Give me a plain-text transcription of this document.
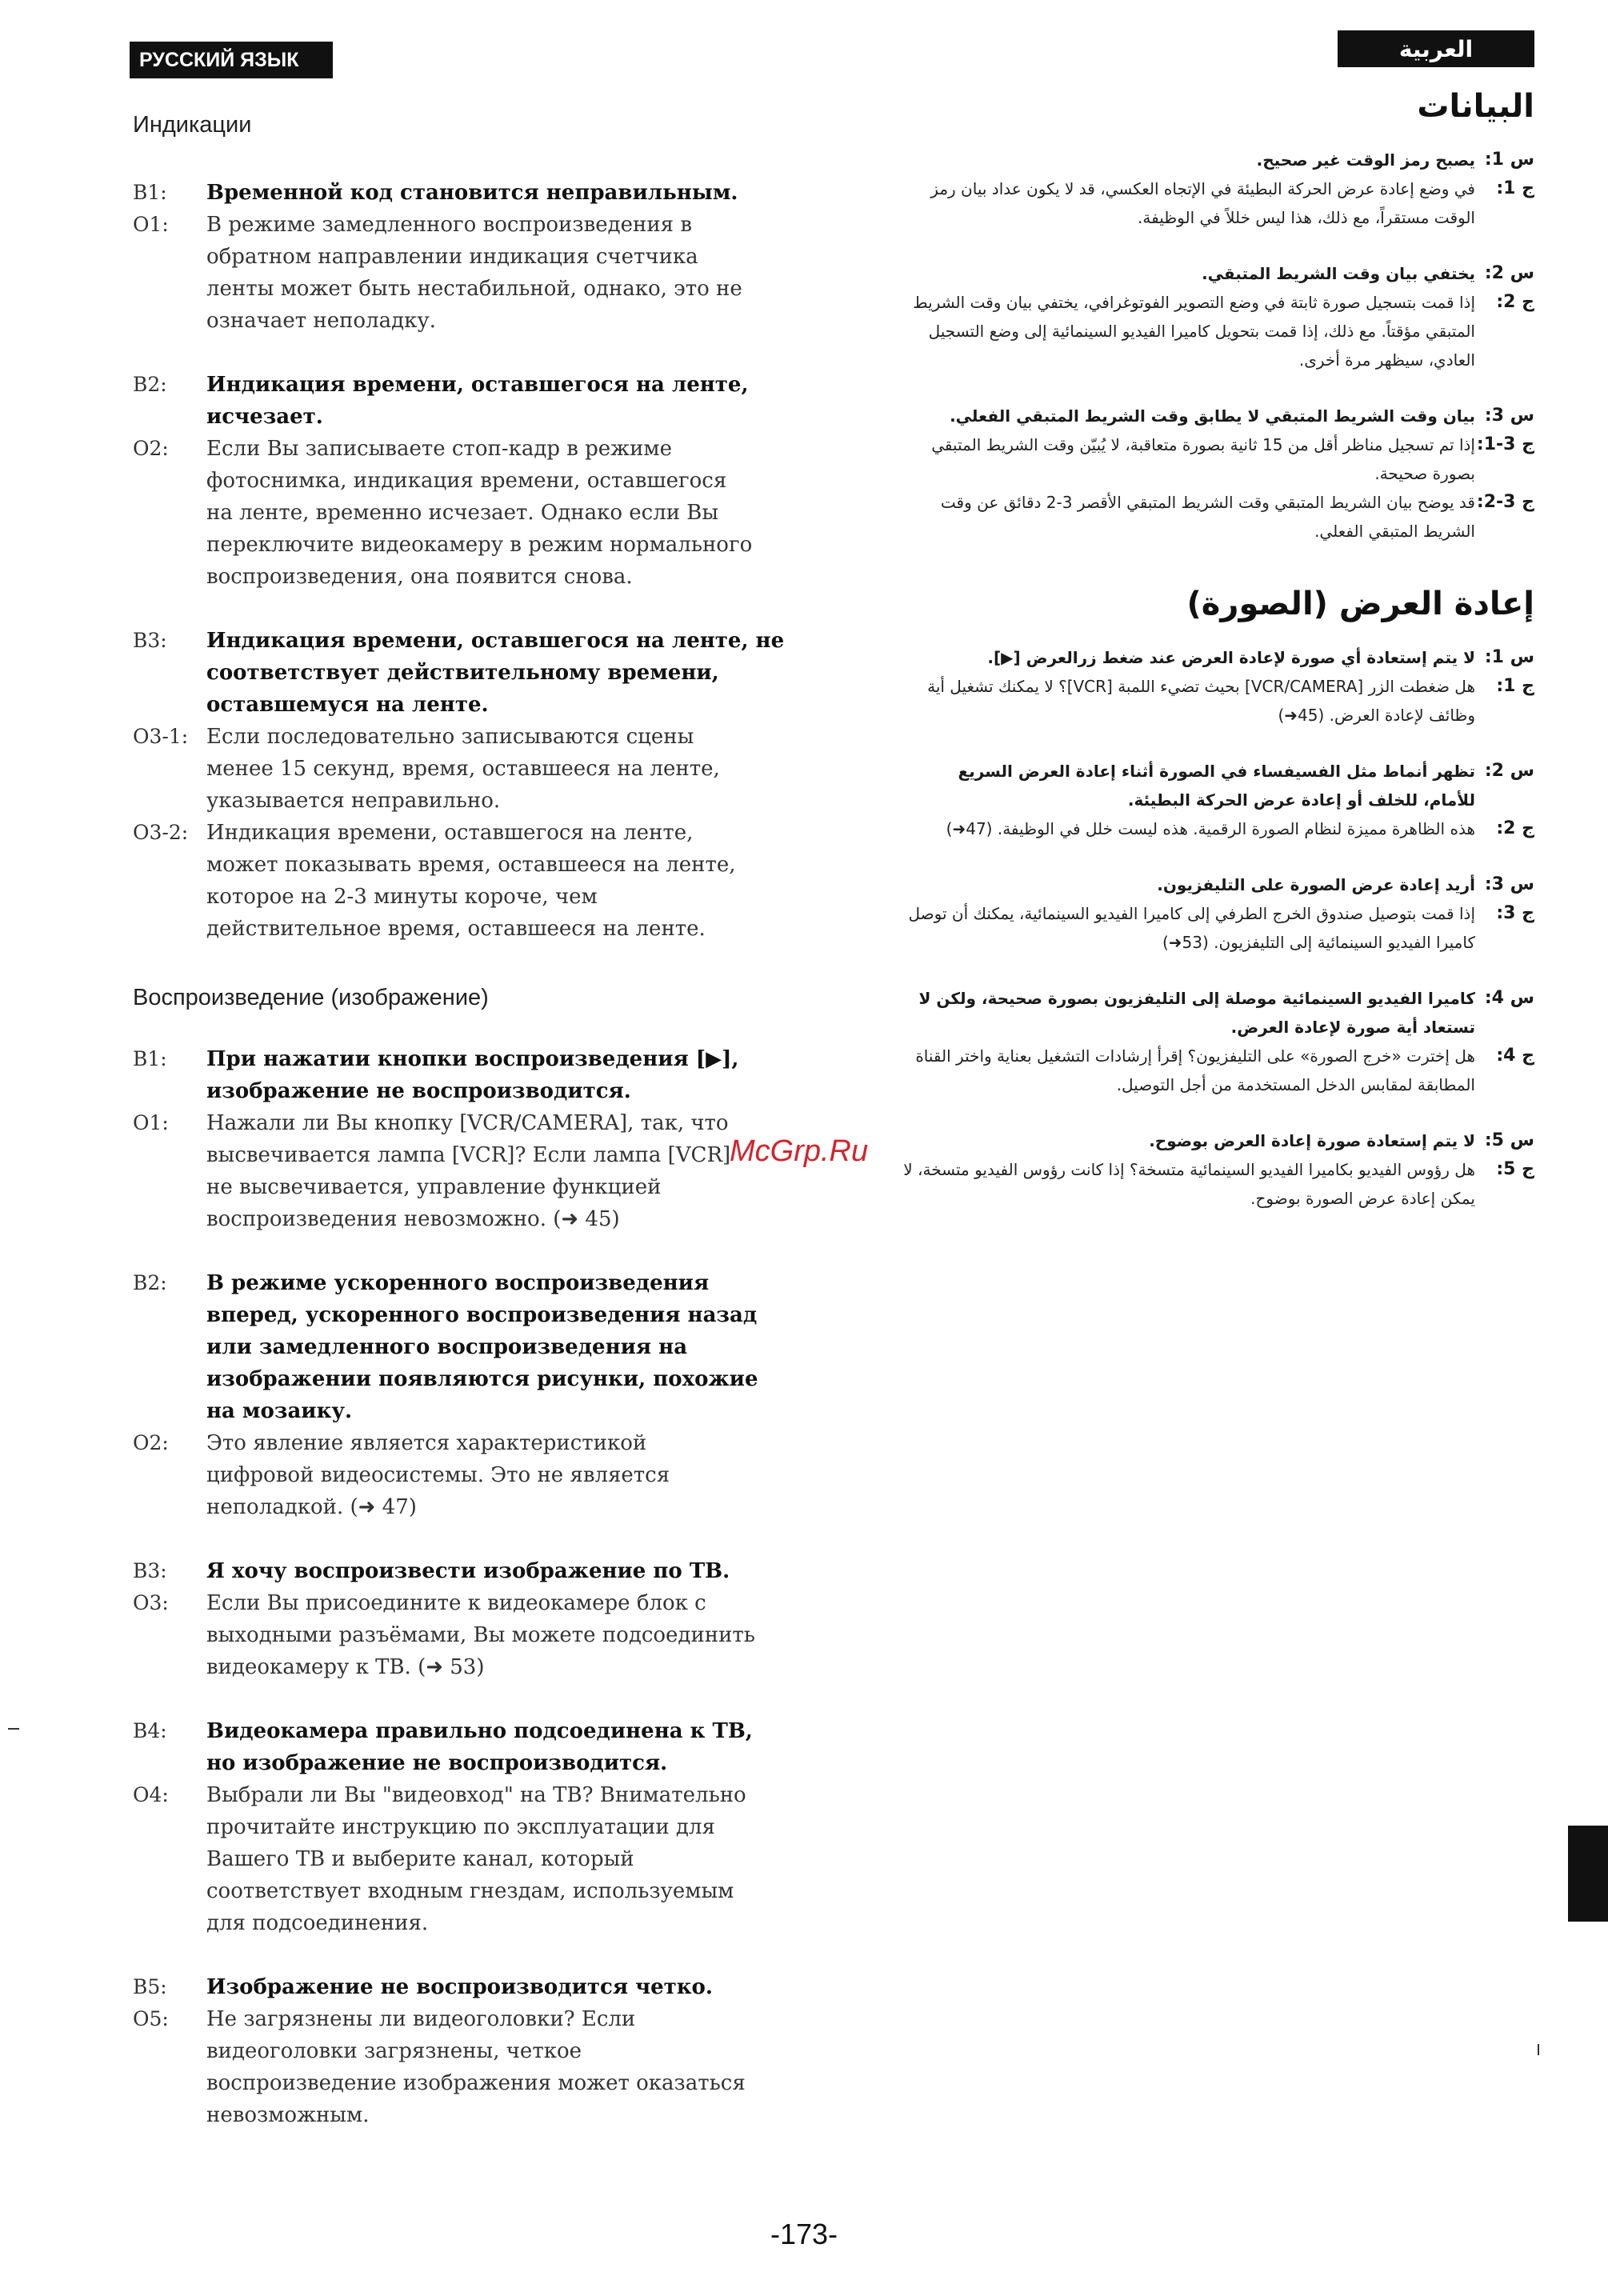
РУССКИЙ ЯЗЫК	العربية
Индикации
B1:	Временной код становится неправильным.
O1:	В режиме замедленного воспроизведения в обратном направлении индикация счетчика ленты может быть нестабильной, однако, это не означает неполадку.
B2:	Индикация времени, оставшегося на ленте, исчезает.
O2:	Если Вы записываете стоп-кадр в режиме фотоснимка, индикация времени, оставшегося на ленте, временно исчезает. Однако если Вы переключите видеокамеру в режим нормального воспроизведения, она появится снова.
B3:	Индикация времени, оставшегося на ленте, не соответствует действительному времени, оставшемуся на ленте.
O3-1: Если последовательно записываются сцены менее 15 секунд, время, оставшееся на ленте, указывается неправильно.
O3-2: Индикация времени, оставшегося на ленте, может показывать время, оставшееся на ленте, которое на 2-3 минуты короче, чем действительное время, оставшееся на ленте.
Воспроизведение (изображение)
B1:	При нажатии кнопки воспроизведения [▶], изображение не воспроизводится.
O1:	Нажали ли Вы кнопку [VCR/CAMERA], так, что высвечивается лампа [VCR]? Если лампа [VCR] не высвечивается, управление функцией воспроизведения невозможно. (➜ 45)
B2:	В режиме ускоренного воспроизведения вперед, ускоренного воспроизведения назад или замедленного воспроизведения на изображении появляются рисунки, похожие на мозаику.
O2:	Это явление является характеристикой цифровой видеосистемы. Это не является неполадкой. (➜ 47)
B3:	Я хочу воспроизвести изображение по ТВ.
O3:	Если Вы присоедините к видеокамере блок с выходными разъёмами, Вы можете подсоединить видеокамеру к ТВ. (➜ 53)
B4:	Видеокамера правильно подсоединена к ТВ, но изображение не воспроизводится.
O4:	Выбрали ли Вы "видеовход" на ТВ? Внимательно прочитайте инструкцию по эксплуатации для Вашего ТВ и выберите канал, который соответствует входным гнездам, используемым для подсоединения.
B5:	Изображение не воспроизводится четко.
O5:	Не загрязнены ли видеоголовки? Если видеоголовки загрязнены, четкое воспроизведение изображения может оказаться невозможным.
البيانات
س 1:
يصبح رمز الوقت غير صحيح.
ج 1:
في وضع إعادة عرض الحركة البطيئة في الإتجاه العكسي، قد لا يكون عداد بيان رمز الوقت مستقراً، مع ذلك، هذا ليس خللاً في الوظيفة.
س 2:
يختفي بيان وقت الشريط المتبقي.
ج 2:
إذا قمت بتسجيل صورة ثابتة في وضع التصوير الفوتوغرافي، يختفي بيان وقت الشريط المتبقي مؤقتاً. مع ذلك، إذا قمت بتحويل كاميرا الفيديو السينمائية إلى وضع التسجيل العادي، سيظهر مرة أخرى.
س 3:
بيان وقت الشريط المتبقي لا يطابق وقت الشريط المتبقي الفعلي.
ج 3-1:
إذا تم تسجيل مناظر أقل من 15 ثانية بصورة متعاقبة، لا يُبيّن وقت الشريط المتبقي بصورة صحيحة.
ج 3-2:
قد يوضح بيان الشريط المتبقي وقت الشريط المتبقي الأقصر 3-2 دقائق عن وقت الشريط المتبقي الفعلي.
إعادة العرض (الصورة)
س 1:
لا يتم إستعادة أي صورة لإعادة العرض عند ضغط زرالعرض [▶].
ج 1:
هل ضغطت الزر [VCR/CAMERA] بحيث تضيء اللمبة [VCR]؟ لا يمكنك تشغيل أية وظائف لإعادة العرض. (45➜)
س 2:
تظهر أنماط مثل الفسيفساء في الصورة أثناء إعادة العرض السريع للأمام، للخلف أو إعادة عرض الحركة البطيئة.
ج 2:
هذه الظاهرة مميزة لنظام الصورة الرقمية. هذه ليست خلل في الوظيفة. (47➜)
س 3:
أريد إعادة عرض الصورة على التليفزيون.
ج 3:
إذا قمت بتوصيل صندوق الخرج الطرفي إلى كاميرا الفيديو السينمائية، يمكنك أن توصل كاميرا الفيديو السينمائية إلى التليفزيون. (53➜)
س 4:
كاميرا الفيديو السينمائية موصلة إلى التليفزيون بصورة صحيحة، ولكن لا تستعاد أية صورة لإعادة العرض.
ج 4:
هل إخترت «خرج الصورة» على التليفزيون؟ إقرأ إرشادات التشغيل بعناية واختر القناة المطابقة لمقابس الدخل المستخدمة من أجل التوصيل.
س 5:
لا يتم إستعادة صورة إعادة العرض بوضوح.
ج 5:
هل رؤوس الفيديو بكاميرا الفيديو السينمائية متسخة؟ إذا كانت رؤوس الفيديو متسخة، لا يمكن إعادة عرض الصورة بوضوح.
McGrp.Ru
-173-
